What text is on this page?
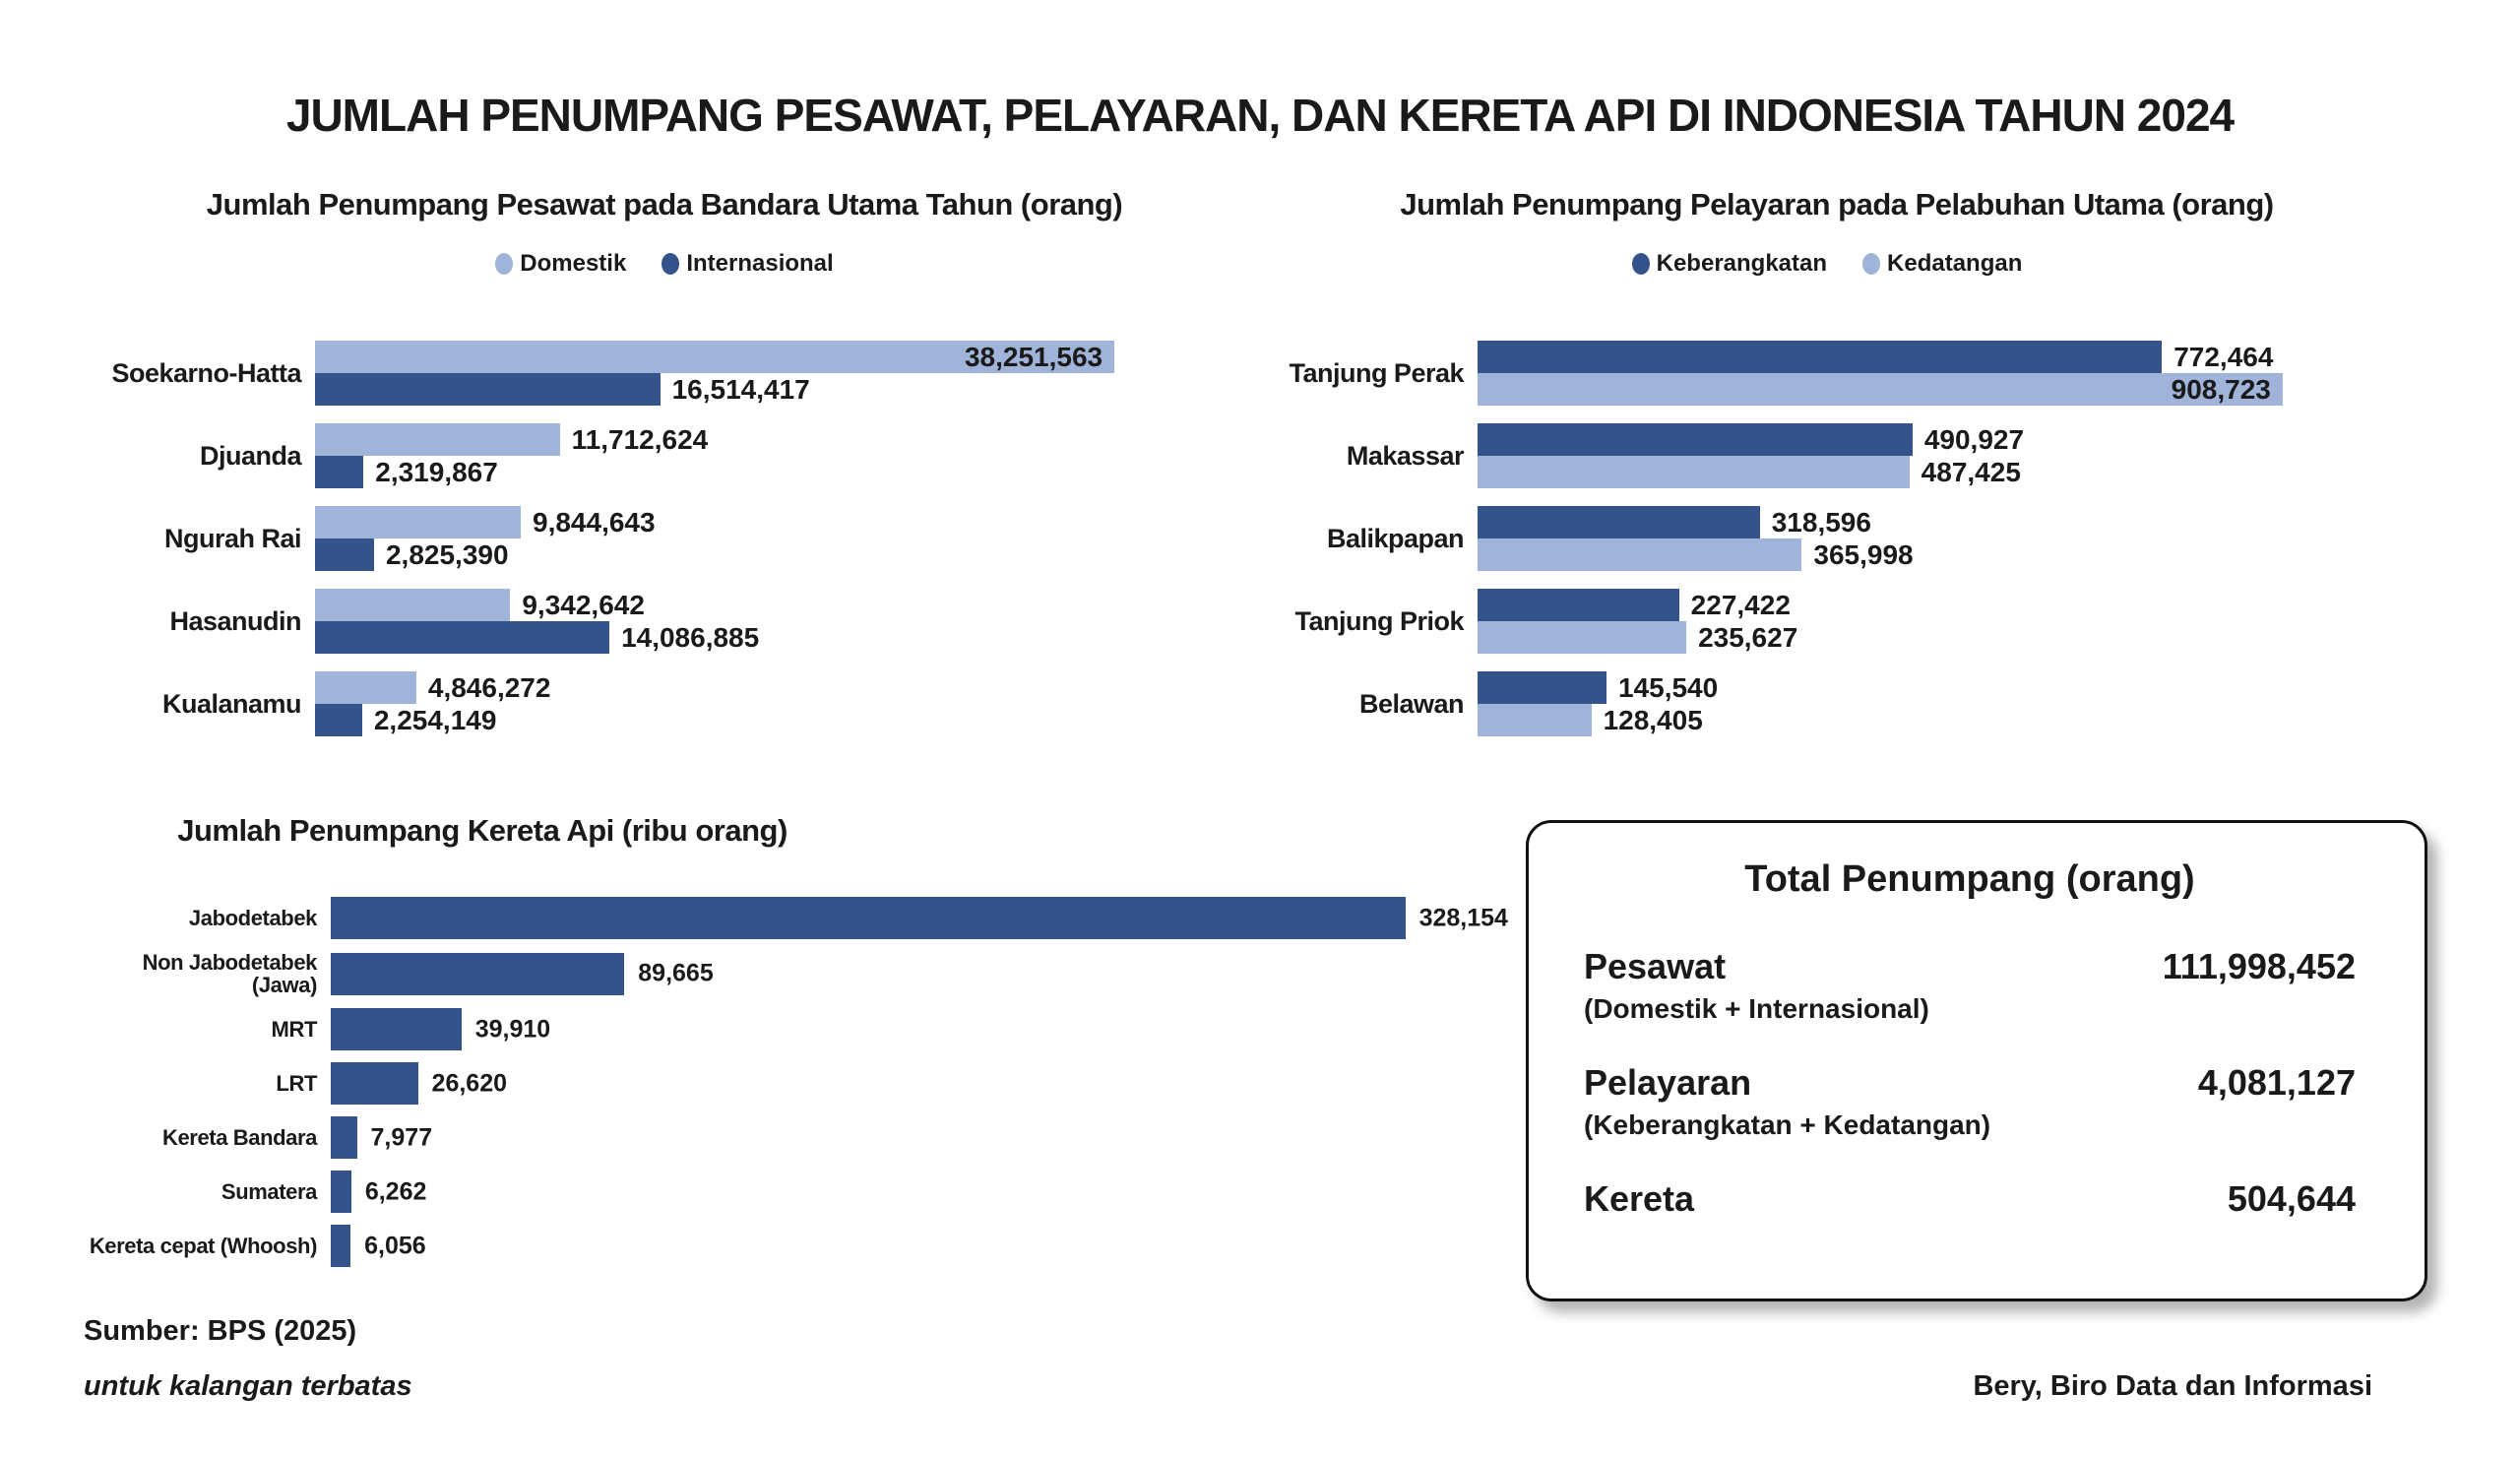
JUMLAH PENUMPANG PESAWAT, PELAYARAN, DAN KERETA API DI INDONESIA TAHUN 2024
Jumlah Penumpang Pesawat pada Bandara Utama Tahun (orang)
Domestik	Internasional
Soekarno-Hatta
38,251,563
16,514,417
Djuanda
11,712,624
2,319,867
Ngurah Rai
9,844,643
2,825,390
Hasanudin
9,342,642
14,086,885
Kualanamu
4,846,272
2,254,149
Jumlah Penumpang Pelayaran pada Pelabuhan Utama (orang)
Keberangkatan	Kedatangan
Tanjung Perak
772,464
908,723
Makassar
490,927
487,425
Balikpapan
318,596
365,998
Tanjung Priok
227,422
235,627
Belawan
145,540
128,405
Jumlah Penumpang Kereta Api (ribu orang)
Jabodetabek	328,154
Non Jabodetabek (Jawa)	89,665
MRT	39,910
LRT	26,620
Kereta Bandara	7,977
Sumatera	6,262
Kereta cepat (Whoosh)	6,056
Total Penumpang (orang)
Pesawat	111,998,452
(Domestik + Internasional)
Pelayaran	4,081,127
(Keberangkatan + Kedatangan)
Kereta	504,644
Sumber: BPS (2025)
untuk kalangan terbatas	Bery, Biro Data dan Informasi
